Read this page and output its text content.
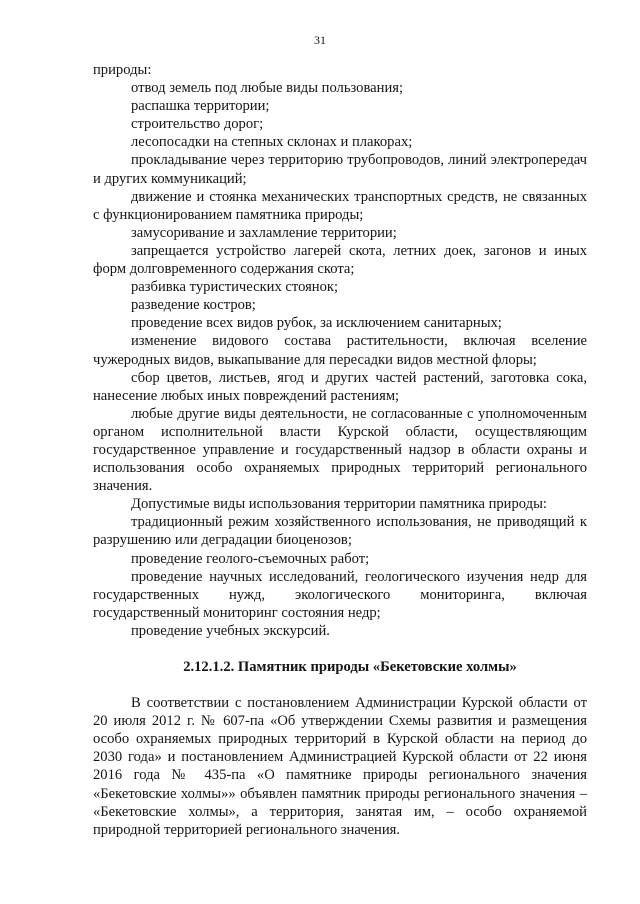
31

природы:

отвод земель под любые виды пользования;

распашка территории;

строительство дорог;

лесопосадки на степных склонах и плакорах;

прокладывание через территорию трубопроводов, линий электропередач и других коммуникаций;

движение и стоянка механических транспортных средств, не связанных с функционированием памятника природы;

замусоривание и захламление территории;

запрещается устройство лагерей скота, летних доек, загонов и иных форм долговременного содержания скота;

разбивка туристических стоянок;

разведение костров;

проведение всех видов рубок, за исключением санитарных;

изменение видового состава растительности, включая вселение чужеродных видов, выкапывание для пересадки видов местной флоры;

сбор цветов, листьев, ягод и других частей растений, заготовка сока, нанесение любых иных повреждений растениям;

любые другие виды деятельности, не согласованные с уполномоченным органом исполнительной власти Курской области, осуществляющим государственное управление и государственный надзор в области охраны и использования особо охраняемых природных территорий регионального значения.

Допустимые виды использования территории памятника природы:

традиционный режим хозяйственного использования, не приводящий к разрушению или деградации биоценозов;

проведение геолого-съемочных работ;

проведение научных исследований, геологического изучения недр для государственных нужд, экологического мониторинга, включая государственный мониторинг состояния недр;

проведение учебных экскурсий.

2.12.1.2. Памятник природы «Бекетовские холмы»

В соответствии с постановлением Администрации Курской области от 20 июля 2012 г. № 607-па «Об утверждении Схемы развития и размещения особо охраняемых природных территорий в Курской области на период до 2030 года» и постановлением Администрацией Курской области от 22 июня 2016 года № 435-па «О памятнике природы регионального значения «Бекетовские холмы»» объявлен памятник природы регионального значения – «Бекетовские холмы», а территория, занятая им, – особо охраняемой природной территорией регионального значения.
